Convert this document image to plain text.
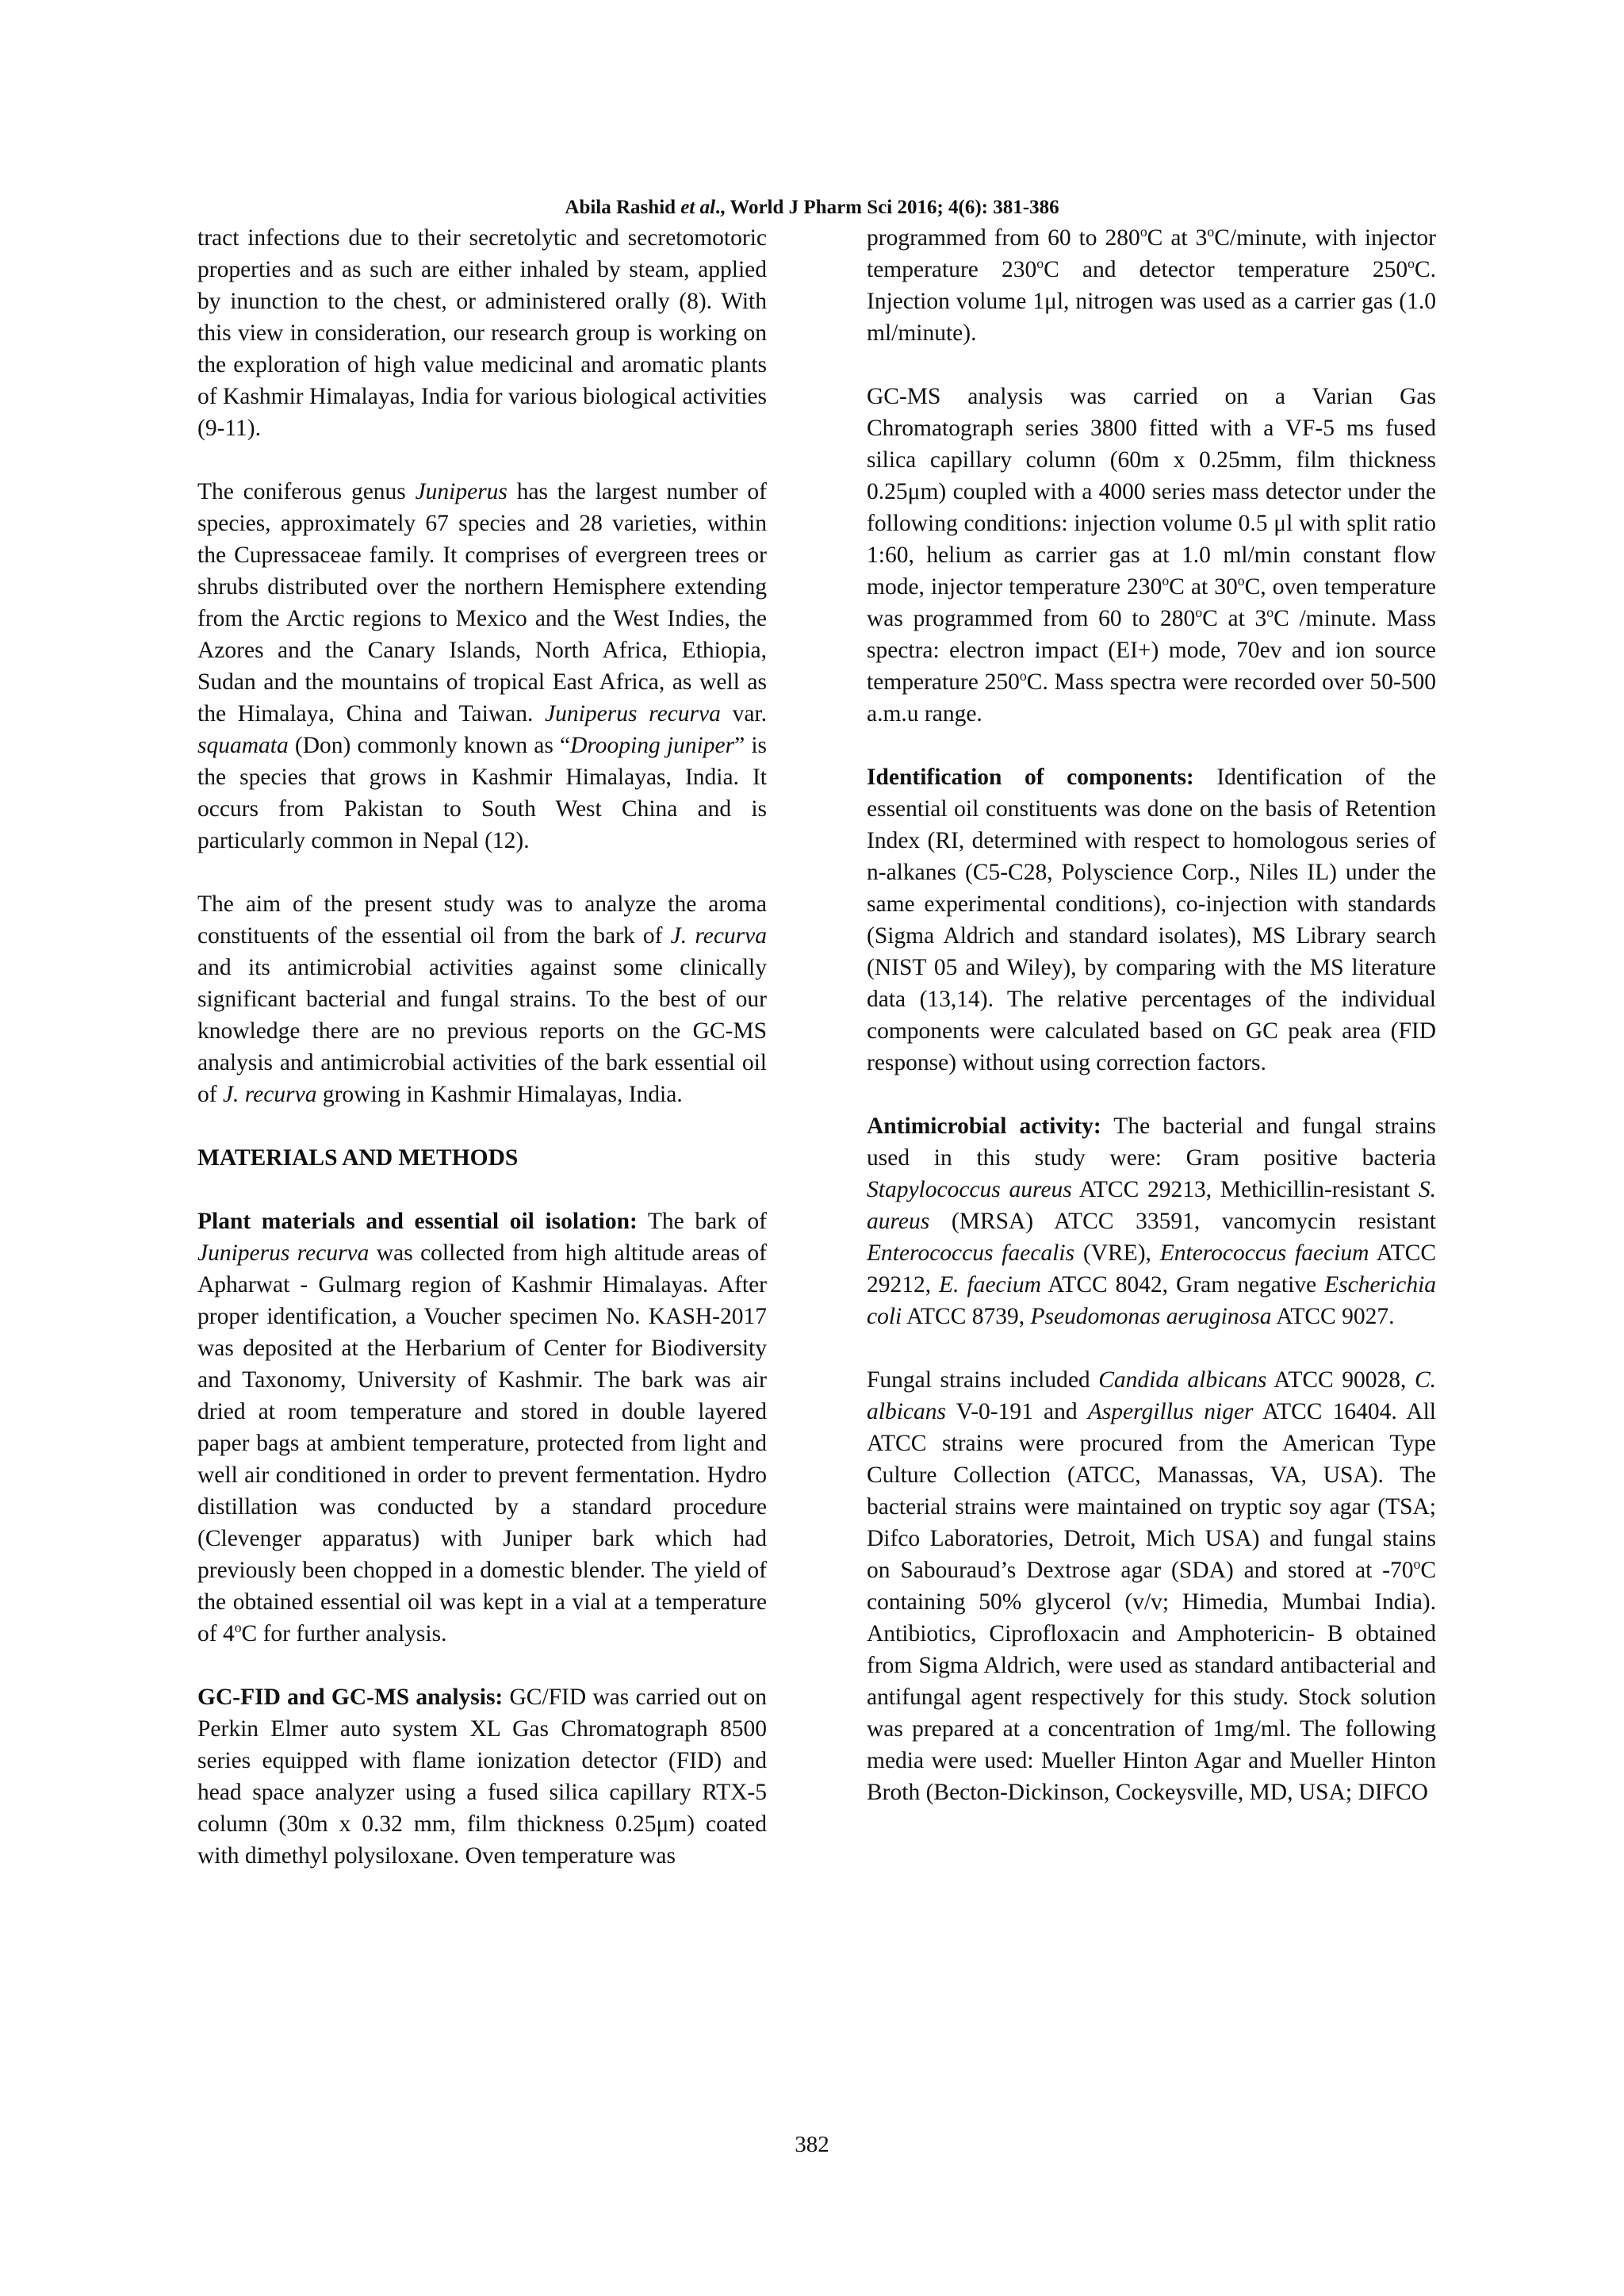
Abila Rashid et al., World J Pharm Sci 2016; 4(6): 381-386

tract infections due to their secretolytic and secretomotoric properties and as such are either inhaled by steam, applied by inunction to the chest, or administered orally (8). With this view in consideration, our research group is working on the exploration of high value medicinal and aromatic plants of Kashmir Himalayas, India for various biological activities (9-11).

The coniferous genus Juniperus has the largest number of species, approximately 67 species and 28 varieties, within the Cupressaceae family. It comprises of evergreen trees or shrubs distributed over the northern Hemisphere extending from the Arctic regions to Mexico and the West Indies, the Azores and the Canary Islands, North Africa, Ethiopia, Sudan and the mountains of tropical East Africa, as well as the Himalaya, China and Taiwan. Juniperus recurva var. squamata (Don) commonly known as “Drooping juniper” is the species that grows in Kashmir Himalayas, India. It occurs from Pakistan to South West China and is particularly common in Nepal (12).

The aim of the present study was to analyze the aroma constituents of the essential oil from the bark of J. recurva and its antimicrobial activities against some clinically significant bacterial and fungal strains. To the best of our knowledge there are no previous reports on the GC-MS analysis and antimicrobial activities of the bark essential oil of J. recurva growing in Kashmir Himalayas, India.

MATERIALS AND METHODS

Plant materials and essential oil isolation: The bark of Juniperus recurva was collected from high altitude areas of Apharwat - Gulmarg region of Kashmir Himalayas. After proper identification, a Voucher specimen No. KASH-2017 was deposited at the Herbarium of Center for Biodiversity and Taxonomy, University of Kashmir. The bark was air dried at room temperature and stored in double layered paper bags at ambient temperature, protected from light and well air conditioned in order to prevent fermentation. Hydro distillation was conducted by a standard procedure (Clevenger apparatus) with Juniper bark which had previously been chopped in a domestic blender. The yield of the obtained essential oil was kept in a vial at a temperature of 4$^o$C for further analysis.

GC-FID and GC-MS analysis: GC/FID was carried out on Perkin Elmer auto system XL Gas Chromatograph 8500 series equipped with flame ionization detector (FID) and head space analyzer using a fused silica capillary RTX-5 column (30m x 0.32 mm, film thickness 0.25μm) coated with dimethyl polysiloxane. Oven temperature was

programmed from 60 to 280$^o$C at 3$^o$C/minute, with injector temperature 230$^o$C and detector temperature 250$^o$C. Injection volume 1μl, nitrogen was used as a carrier gas (1.0 ml/minute).

GC-MS analysis was carried on a Varian Gas Chromatograph series 3800 fitted with a VF-5 ms fused silica capillary column (60m x 0.25mm, film thickness 0.25μm) coupled with a 4000 series mass detector under the following conditions: injection volume 0.5 μl with split ratio 1:60, helium as carrier gas at 1.0 ml/min constant flow mode, injector temperature 230$^o$C at 30$^o$C, oven temperature was programmed from 60 to 280$^o$C at 3$^o$C /minute. Mass spectra: electron impact (EI+) mode, 70ev and ion source temperature 250$^o$C. Mass spectra were recorded over 50-500 a.m.u range.

Identification of components: Identification of the essential oil constituents was done on the basis of Retention Index (RI, determined with respect to homologous series of n-alkanes (C5-C28, Polyscience Corp., Niles IL) under the same experimental conditions), co-injection with standards (Sigma Aldrich and standard isolates), MS Library search (NIST 05 and Wiley), by comparing with the MS literature data (13,14). The relative percentages of the individual components were calculated based on GC peak area (FID response) without using correction factors.

Antimicrobial activity: The bacterial and fungal strains used in this study were: Gram positive bacteria Stapylococcus aureus ATCC 29213, Methicillin-resistant S. aureus (MRSA) ATCC 33591, vancomycin resistant Enterococcus faecalis (VRE), Enterococcus faecium ATCC 29212, E. faecium ATCC 8042, Gram negative Escherichia coli ATCC 8739, Pseudomonas aeruginosa ATCC 9027.

Fungal strains included Candida albicans ATCC 90028, C. albicans V-0-191 and Aspergillus niger ATCC 16404. All ATCC strains were procured from the American Type Culture Collection (ATCC, Manassas, VA, USA). The bacterial strains were maintained on tryptic soy agar (TSA; Difco Laboratories, Detroit, Mich USA) and fungal stains on Sabouraud’s Dextrose agar (SDA) and stored at -70$^o$C containing 50% glycerol (v/v; Himedia, Mumbai India). Antibiotics, Ciprofloxacin and Amphotericin- B obtained from Sigma Aldrich, were used as standard antibacterial and antifungal agent respectively for this study. Stock solution was prepared at a concentration of 1mg/ml. The following media were used: Mueller Hinton Agar and Mueller Hinton Broth (Becton-Dickinson, Cockeysville, MD, USA; DIFCO

382
